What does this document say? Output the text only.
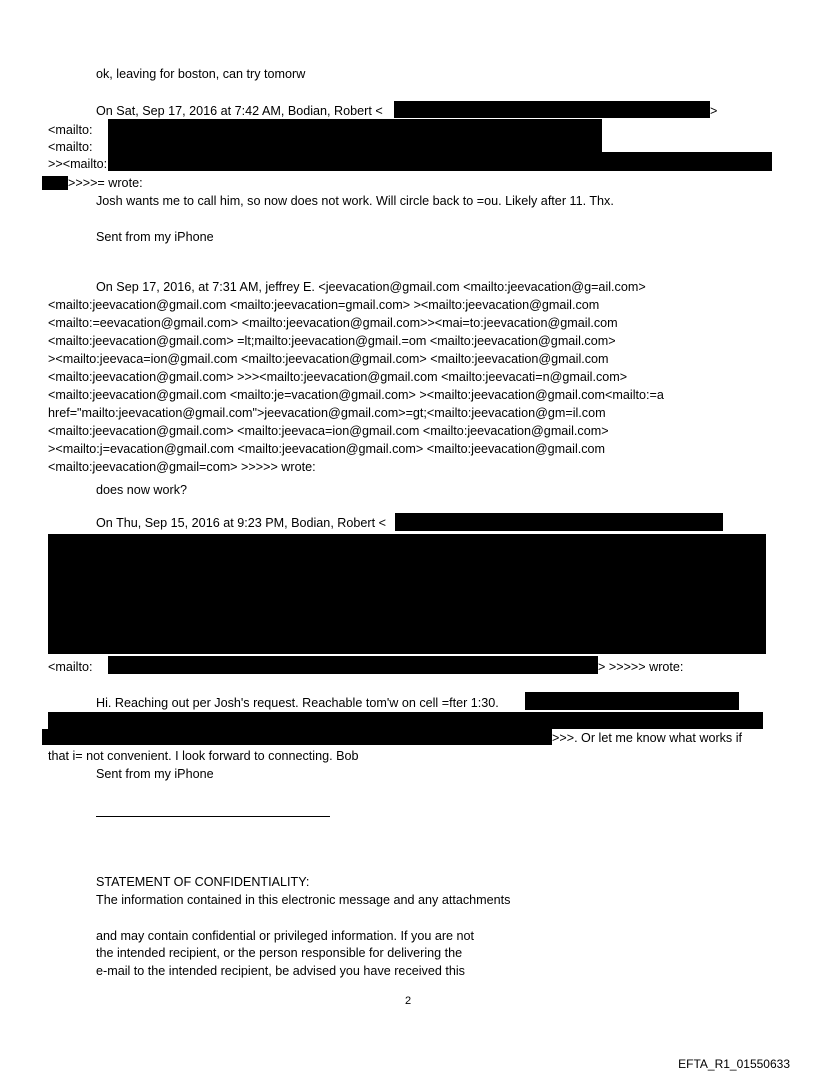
ok, leaving for boston, can try tomorw
On Sat, Sep 17, 2016 at 7:42 AM, Bodian, Robert <	>
<mailto:
<mailto:
>><mailto:
>>>>= wrote:
Josh wants me to call him, so now does not work. Will circle back to =ou. Likely after 11. Thx.
Sent from my iPhone
On Sep 17, 2016, at 7:31 AM, jeffrey E. <jeevacation@gmail.com <mailto:jeevacation@g=ail.com>
<mailto:jeevacation@gmail.com <mailto:jeevacation=gmail.com> ><mailto:jeevacation@gmail.com
<mailto:=eevacation@gmail.com> <mailto:jeevacation@gmail.com>><mai=to:jeevacation@gmail.com
<mailto:jeevacation@gmail.com> =lt;mailto:jeevacation@gmail.=om <mailto:jeevacation@gmail.com>
><mailto:jeevaca=ion@gmail.com <mailto:jeevacation@gmail.com> <mailto:jeevacation@gmail.com
<mailto:jeevacation@gmail.com> >>><mailto:jeevacation@gmail.com <mailto:jeevacati=n@gmail.com>
<mailto:jeevacation@gmail.com <mailto:je=vacation@gmail.com> ><mailto:jeevacation@gmail.com<mailto:=a
href="mailto:jeevacation@gmail.com">jeevacation@gmail.com>=gt;<mailto:jeevacation@gm=il.com
<mailto:jeevacation@gmail.com> <mailto:jeevaca=ion@gmail.com <mailto:jeevacation@gmail.com>
><mailto:j=evacation@gmail.com <mailto:jeevacation@gmail.com> <mailto:jeevacation@gmail.com
<mailto:jeevacation@gmail=com> >>>>> wrote:
does now work?
On Thu, Sep 15, 2016 at 9:23 PM, Bodian, Robert <
<mailto:	> >>>>> wrote:
Hi. Reaching out per Josh's request. Reachable tom'w on cell =fter 1:30.
>>>. Or let me know what works if
that i= not convenient. I look forward to connecting. Bob
Sent from my iPhone
STATEMENT OF CONFIDENTIALITY:
The information contained in this electronic message and any attachments
and may contain confidential or privileged information. If you are not
the intended recipient, or the person responsible for delivering the
e-mail to the intended recipient, be advised you have received this
2
EFTA_R1_01550633
